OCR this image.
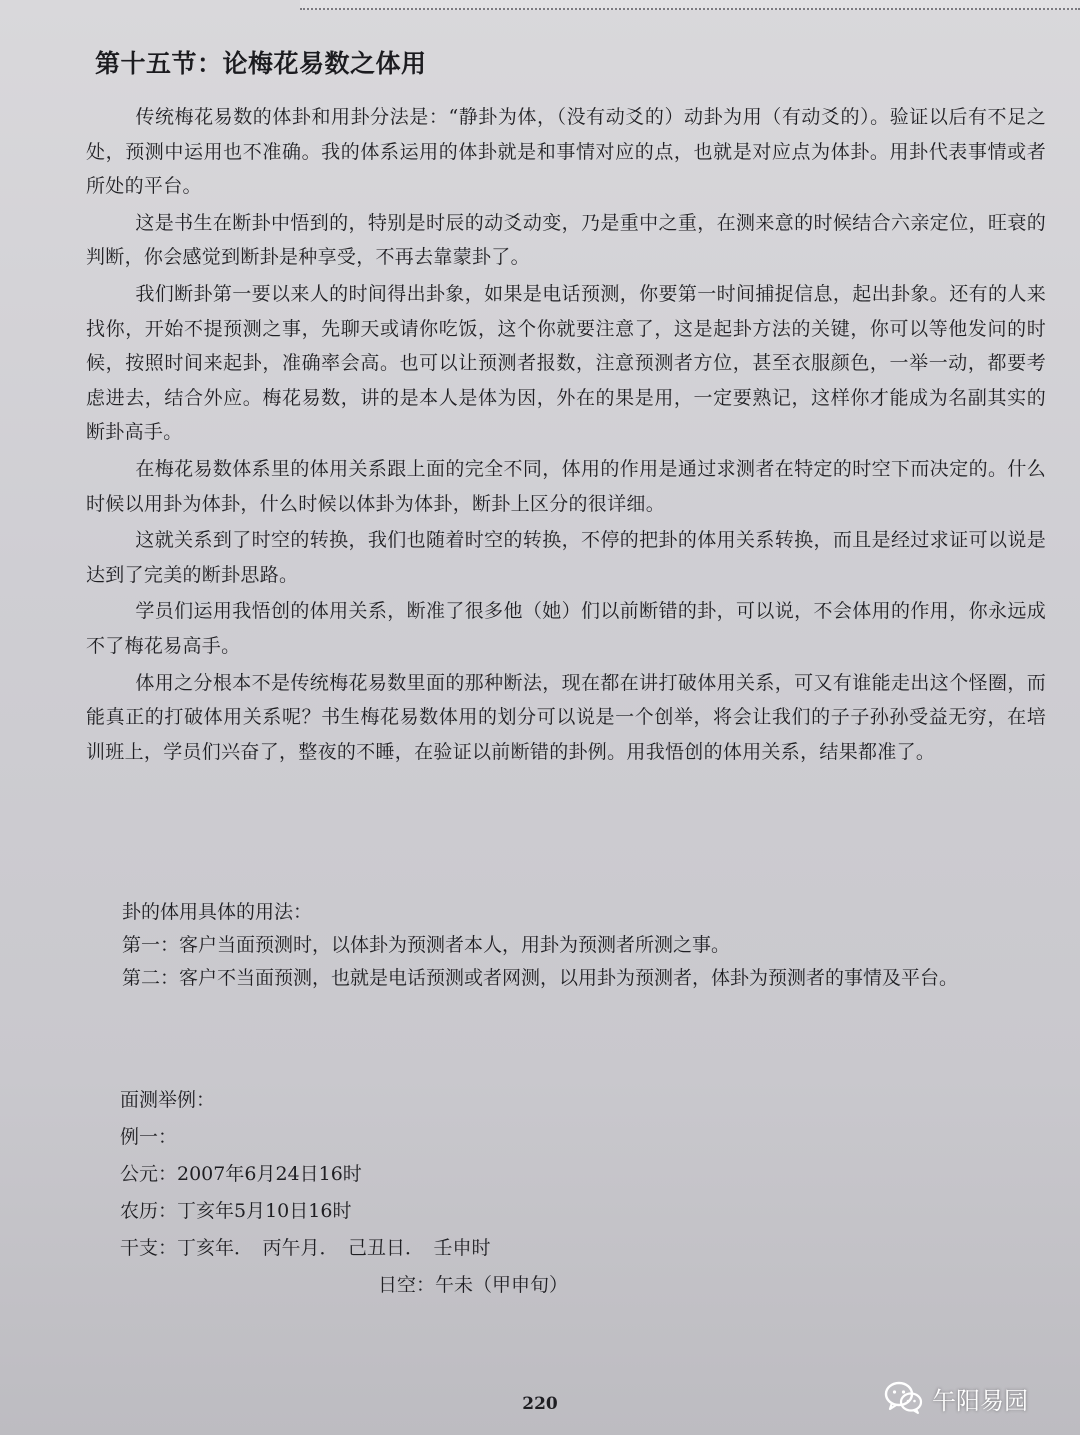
第十五节：论梅花易数之体用

传统梅花易数的体卦和用卦分法是：“静卦为体，（没有动爻的）动卦为用（有动爻的）。验证以后有不足之处，预测中运用也不准确。我的体系运用的体卦就是和事情对应的点，也就是对应点为体卦。用卦代表事情或者所处的平台。

这是书生在断卦中悟到的，特别是时辰的动爻动变，乃是重中之重，在测来意的时候结合六亲定位，旺衰的判断，你会感觉到断卦是种享受，不再去靠蒙卦了。

我们断卦第一要以来人的时间得出卦象，如果是电话预测，你要第一时间捕捉信息，起出卦象。还有的人来找你，开始不提预测之事，先聊天或请你吃饭，这个你就要注意了，这是起卦方法的关键，你可以等他发问的时候，按照时间来起卦，准确率会高。也可以让预测者报数，注意预测者方位，甚至衣服颜色，一举一动，都要考虑进去，结合外应。梅花易数，讲的是本人是体为因，外在的果是用，一定要熟记，这样你才能成为名副其实的断卦高手。

在梅花易数体系里的体用关系跟上面的完全不同，体用的作用是通过求测者在特定的时空下而决定的。什么时候以用卦为体卦，什么时候以体卦为体卦，断卦上区分的很详细。

这就关系到了时空的转换，我们也随着时空的转换，不停的把卦的体用关系转换，而且是经过求证可以说是达到了完美的断卦思路。

学员们运用我悟创的体用关系，断准了很多他（她）们以前断错的卦，可以说，不会体用的作用，你永远成不了梅花易高手。

体用之分根本不是传统梅花易数里面的那种断法，现在都在讲打破体用关系，可又有谁能走出这个怪圈，而能真正的打破体用关系呢？书生梅花易数体用的划分可以说是一个创举，将会让我们的子子孙孙受益无穷，在培训班上，学员们兴奋了，整夜的不睡，在验证以前断错的卦例。用我悟创的体用关系，结果都准了。

卦的体用具体的用法：
第一：客户当面预测时，以体卦为预测者本人，用卦为预测者所测之事。
第二：客户不当面预测，也就是电话预测或者网测，以用卦为预测者，体卦为预测者的事情及平台。
面测举例：
例一：
公元：2007年6月24日16时
农历：丁亥年5月10日16时
干支：丁亥年．　丙午月．　己丑日．　壬申时
日空：午未（甲申旬）
220	午阳易园
